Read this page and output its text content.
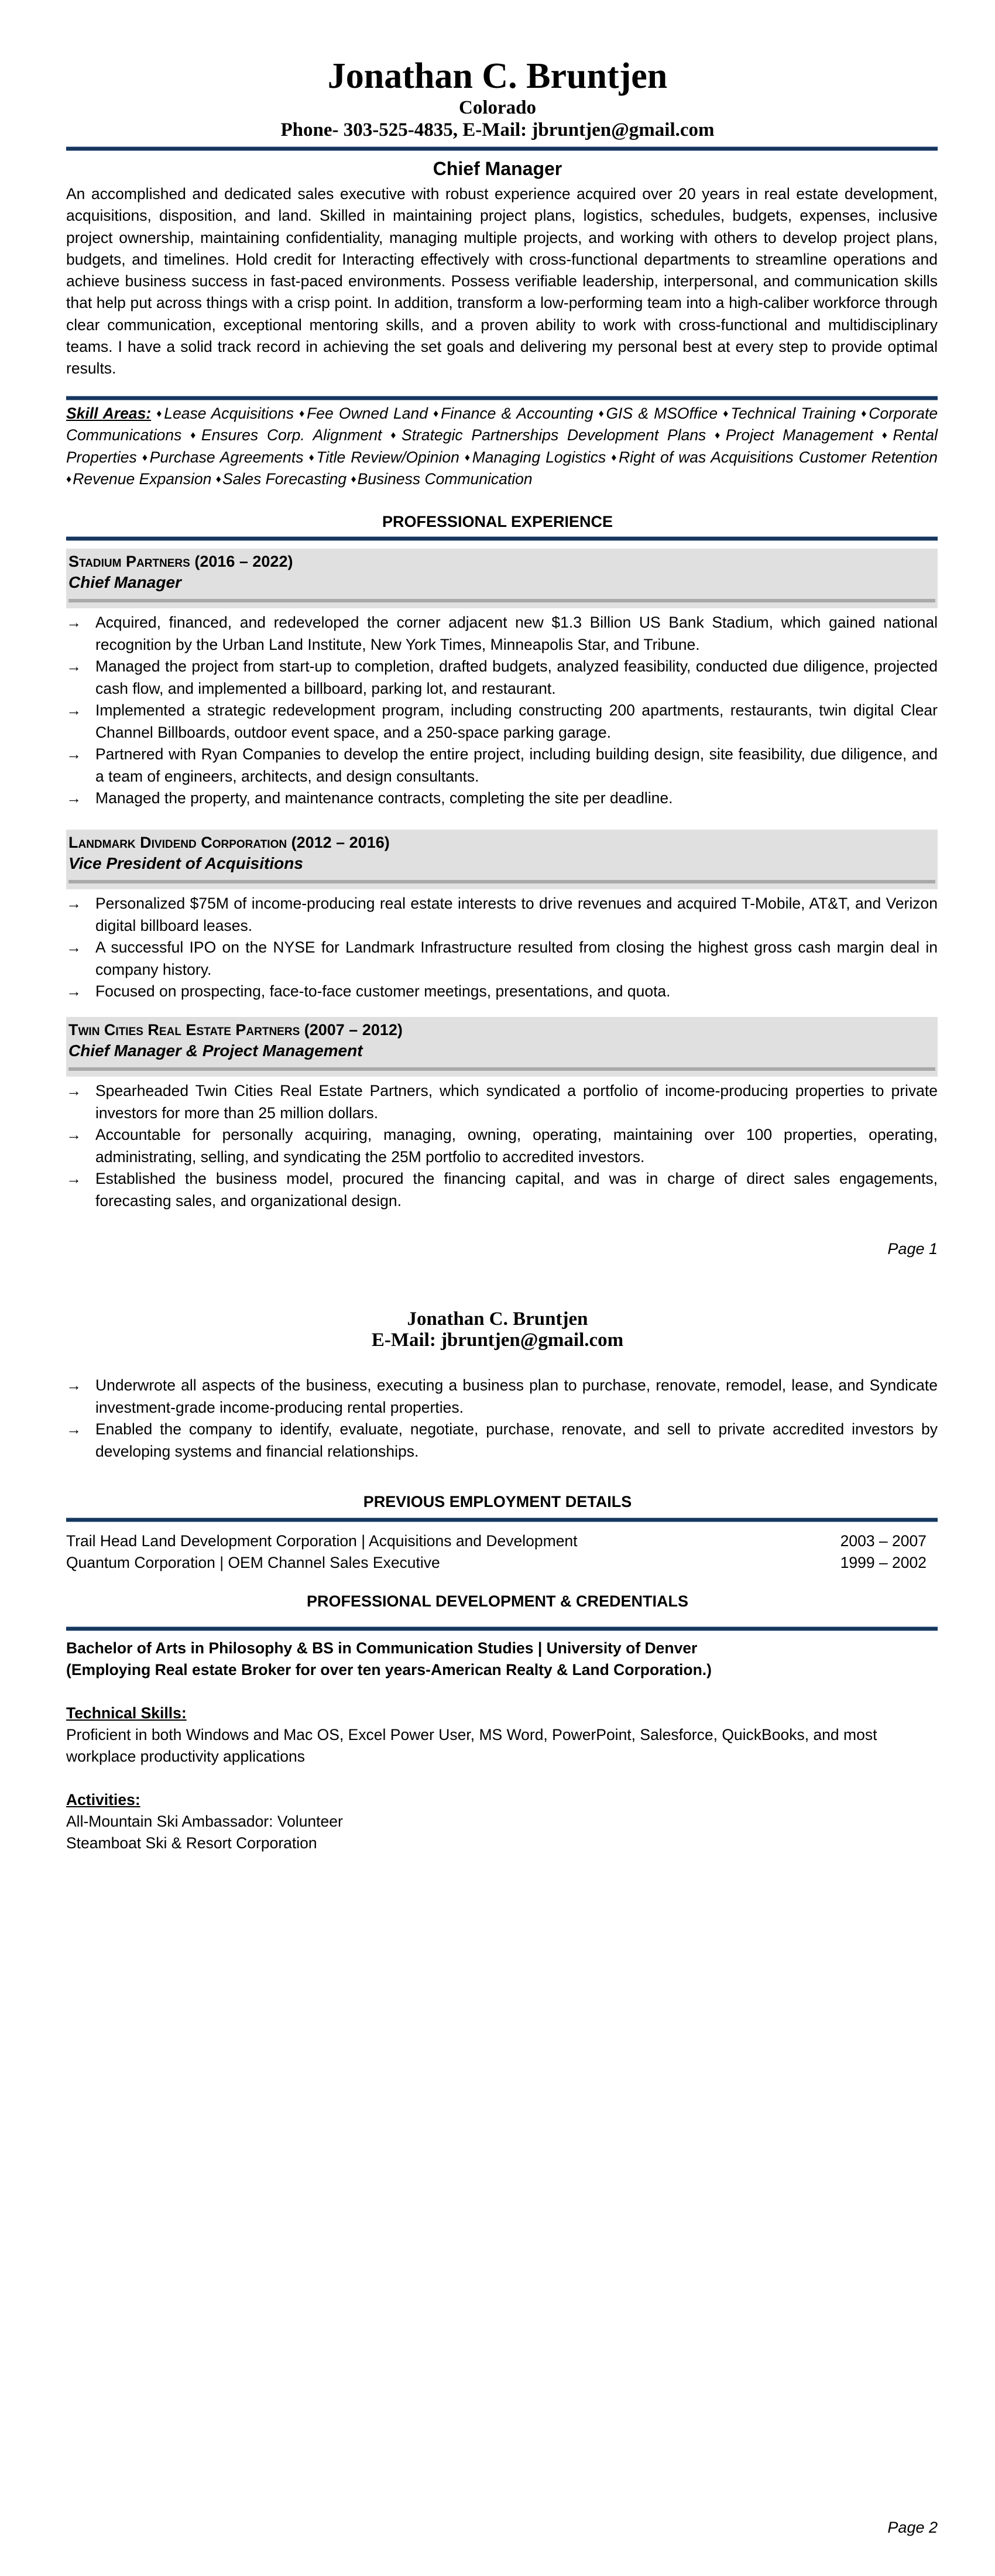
Jonathan C. Bruntjen
Colorado
Phone- 303-525-4835, E-Mail: jbruntjen@gmail.com
Chief Manager

An accomplished and dedicated sales executive with robust experience acquired over 20 years in real estate development, acquisitions, disposition, and land. Skilled in maintaining project plans, logistics, schedules, budgets, expenses, inclusive project ownership, maintaining confidentiality, managing multiple projects, and working with others to develop project plans, budgets, and timelines. Hold credit for Interacting effectively with cross-functional departments to streamline operations and achieve business success in fast-paced environments. Possess verifiable leadership, interpersonal, and communication skills that help put across things with a crisp point. In addition, transform a low-performing team into a high-caliber workforce through clear communication, exceptional mentoring skills, and a proven ability to work with cross-functional and multidisciplinary teams. I have a solid track record in achieving the set goals and delivering my personal best at every step to provide optimal results.

Skill Areas: ♦ Lease Acquisitions ♦ Fee Owned Land ♦ Finance & Accounting ♦ GIS & MSOffice ♦ Technical Training ♦ Corporate Communications ♦ Ensures Corp. Alignment ♦ Strategic Partnerships Development Plans ♦ Project Management ♦ Rental Properties ♦ Purchase Agreements ♦ Title Review/Opinion ♦ Managing Logistics ♦ Right of was Acquisitions Customer Retention ♦ Revenue Expansion ♦ Sales Forecasting ♦ Business Communication

PROFESSIONAL EXPERIENCE
Stadium Partners (2016 – 2022)
Chief Manager
→ Acquired, financed, and redeveloped the corner adjacent new $1.3 Billion US Bank Stadium, which gained national recognition by the Urban Land Institute, New York Times, Minneapolis Star, and Tribune.
→ Managed the project from start-up to completion, drafted budgets, analyzed feasibility, conducted due diligence, projected cash flow, and implemented a billboard, parking lot, and restaurant.
→ Implemented a strategic redevelopment program, including constructing 200 apartments, restaurants, twin digital Clear Channel Billboards, outdoor event space, and a 250-space parking garage.
→ Partnered with Ryan Companies to develop the entire project, including building design, site feasibility, due diligence, and a team of engineers, architects, and design consultants.
→ Managed the property, and maintenance contracts, completing the site per deadline.
Landmark Dividend Corporation (2012 – 2016)
Vice President of Acquisitions
→ Personalized $75M of income-producing real estate interests to drive revenues and acquired T-Mobile, AT&T, and Verizon digital billboard leases.
→ A successful IPO on the NYSE for Landmark Infrastructure resulted from closing the highest gross cash margin deal in company history.
→ Focused on prospecting, face-to-face customer meetings, presentations, and quota.
Twin Cities Real Estate Partners (2007 – 2012)
Chief Manager & Project Management
→ Spearheaded Twin Cities Real Estate Partners, which syndicated a portfolio of income-producing properties to private investors for more than 25 million dollars.
→ Accountable for personally acquiring, managing, owning, operating, maintaining over 100 properties, operating, administrating, selling, and syndicating the 25M portfolio to accredited investors.
→ Established the business model, procured the financing capital, and was in charge of direct sales engagements, forecasting sales, and organizational design.
Page 1
Jonathan C. Bruntjen
E-Mail: jbruntjen@gmail.com
→ Underwrote all aspects of the business, executing a business plan to purchase, renovate, remodel, lease, and Syndicate investment-grade income-producing rental properties.
→ Enabled the company to identify, evaluate, negotiate, purchase, renovate, and sell to private accredited investors by developing systems and financial relationships.
PREVIOUS EMPLOYMENT DETAILS
Trail Head Land Development Corporation | Acquisitions and Development	2003 – 2007
Quantum Corporation | OEM Channel Sales Executive	1999 – 2002
PROFESSIONAL DEVELOPMENT & CREDENTIALS
Bachelor of Arts in Philosophy & BS in Communication Studies | University of Denver
(Employing Real estate Broker for over ten years-American Realty & Land Corporation.)
Technical Skills:
Proficient in both Windows and Mac OS, Excel Power User, MS Word, PowerPoint, Salesforce, QuickBooks, and most workplace productivity applications
Activities:
All-Mountain Ski Ambassador: Volunteer
Steamboat Ski & Resort Corporation
Page 2
